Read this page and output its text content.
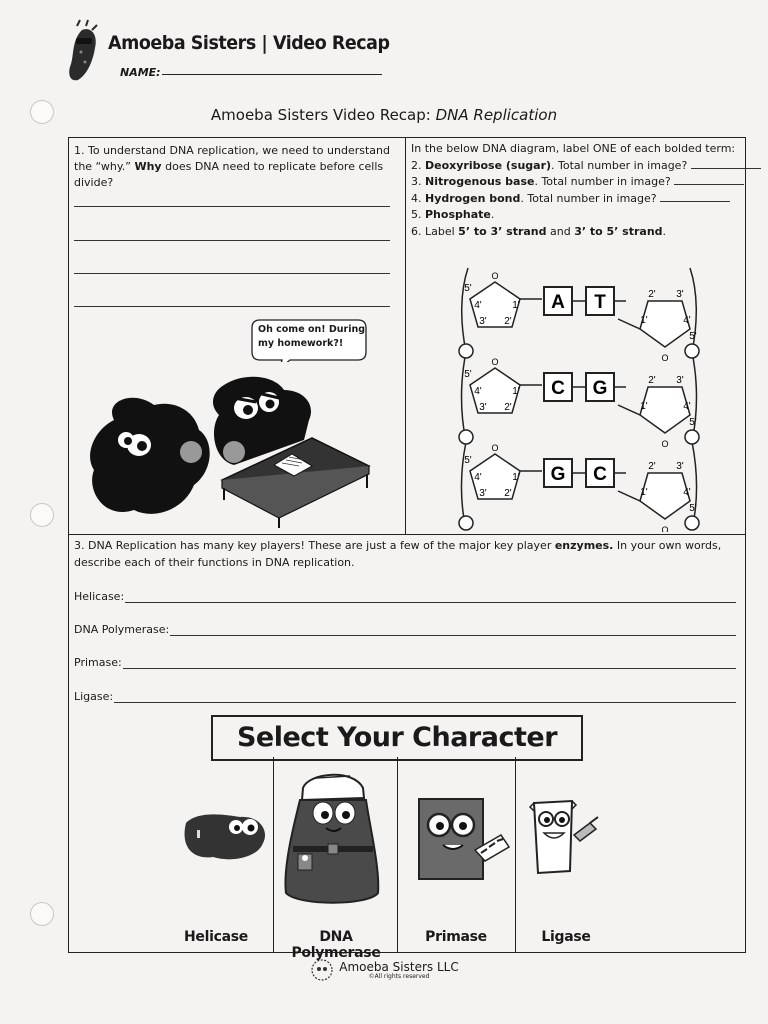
Amoeba Sisters | Video Recap
NAME:
Amoeba Sisters Video Recap: DNA Replication
1. To understand DNA replication, we need to understand the “why.” Why does DNA need to replicate before cells divide?
Oh come on! During my homework?!
In the below DNA diagram, label ONE of each bolded term:
2. Deoxyribose (sugar). Total number in image?
3. Nitrogenous base. Total number in image?
4. Hydrogen bond. Total number in image?
5. Phosphate.
6. Label 5’ to 3’ strand and 3’ to 5’ strand.
O
5'
4'	1'
3' 2'
O
2' 3'
1'	4'
5'
A T
O
5'
4'	1'
3' 2'
O
2' 3'
1'	4'
5'
C G
O
5'
4'	1'
3' 2'
O
2' 3'
1'	4'
5'
G C
3. DNA Replication has many key players! These are just a few of the major key player enzymes. In your own words, describe each of their functions in DNA replication.
Helicase:
DNA Polymerase:
Primase:
Ligase:
Select Your Character
Helicase	DNA Polymerase
Primase	Ligase
Amoeba Sisters LLC
©All rights reserved
